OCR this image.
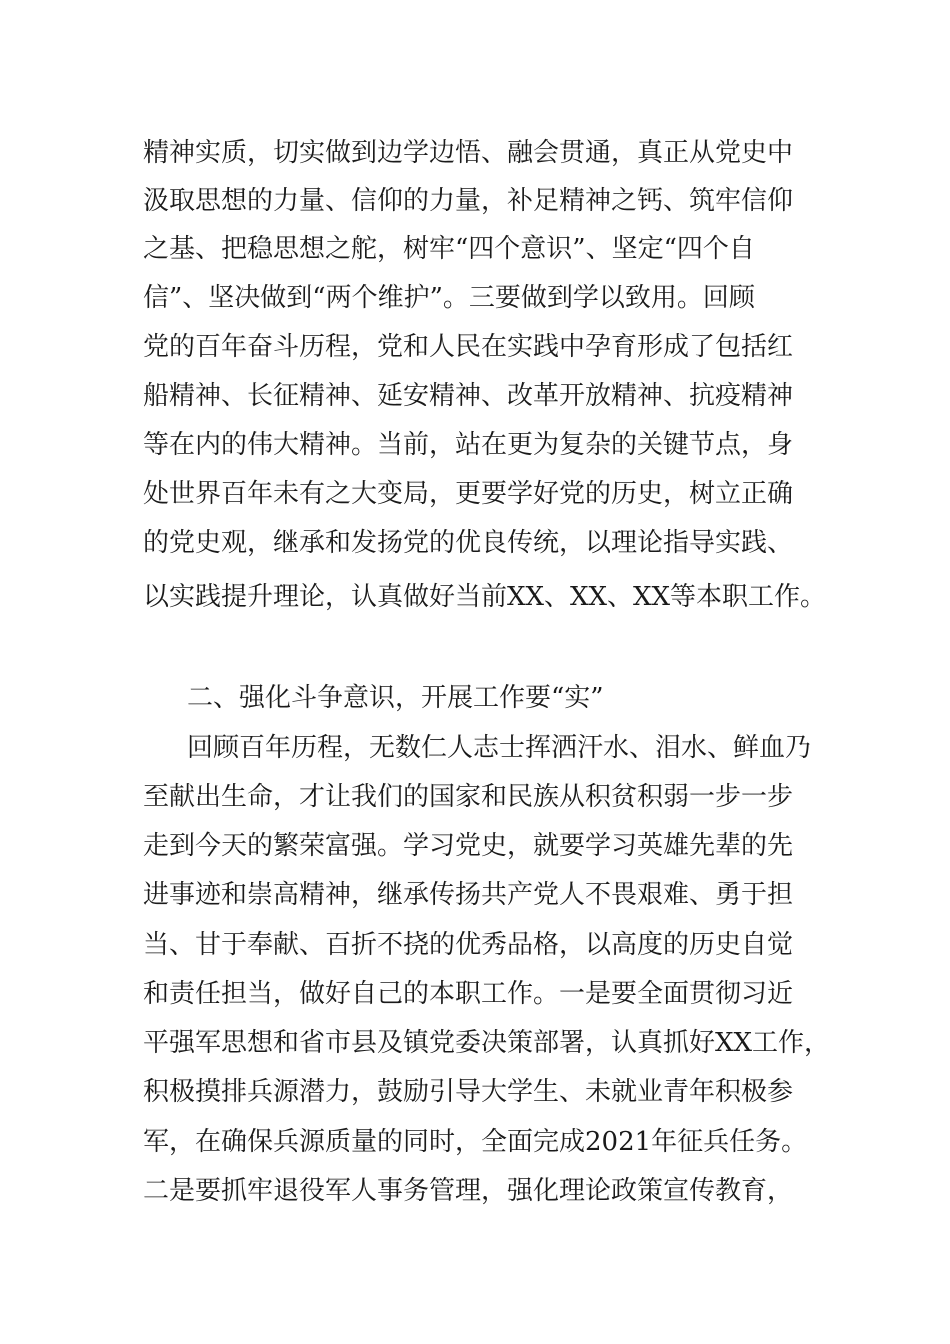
精神实质，切实做到边学边悟、融会贯通，真正从党史中
汲取思想的力量、信仰的力量，补足精神之钙、筑牢信仰
之基、把稳思想之舵，树牢“四个意识”、坚定“四个自
信”、坚决做到“两个维护”。三要做到学以致用。回顾
党的百年奋斗历程，党和人民在实践中孕育形成了包括红
船精神、长征精神、延安精神、改革开放精神、抗疫精神
等在内的伟大精神。当前，站在更为复杂的关键节点，身
处世界百年未有之大变局，更要学好党的历史，树立正确
的党史观，继承和发扬党的优良传统，以理论指导实践、
以实践提升理论，认真做好当前XX、XX、XX等本职工作。
二、强化斗争意识，开展工作要“实”
回顾百年历程，无数仁人志士挥洒汗水、泪水、鲜血乃
至献出生命，才让我们的国家和民族从积贫积弱一步一步
走到今天的繁荣富强。学习党史，就要学习英雄先辈的先
进事迹和崇高精神，继承传扬共产党人不畏艰难、勇于担
当、甘于奉献、百折不挠的优秀品格，以高度的历史自觉
和责任担当，做好自己的本职工作。一是要全面贯彻习近
平强军思想和省市县及镇党委决策部署，认真抓好XX工作，
积极摸排兵源潜力，鼓励引导大学生、未就业青年积极参
军，在确保兵源质量的同时，全面完成2021年征兵任务。
二是要抓牢退役军人事务管理，强化理论政策宣传教育，
